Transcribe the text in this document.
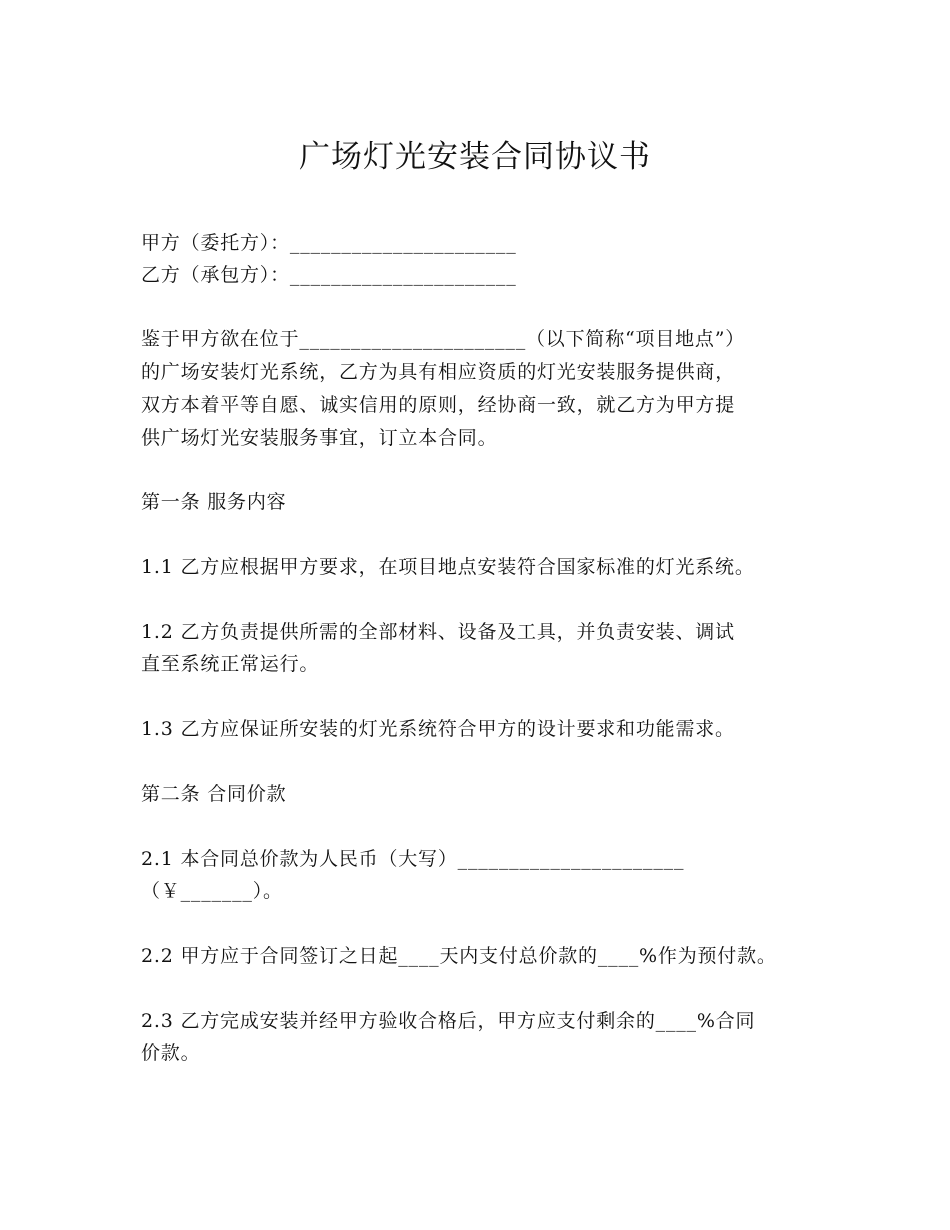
广场灯光安装合同协议书

甲方（委托方）：______________________

乙方（承包方）：______________________

鉴于甲方欲在位于______________________（以下简称“项目地点”）

的广场安装灯光系统，乙方为具有相应资质的灯光安装服务提供商，

双方本着平等自愿、诚实信用的原则，经协商一致，就乙方为甲方提

供广场灯光安装服务事宜，订立本合同。

第一条 服务内容

1.1 乙方应根据甲方要求，在项目地点安装符合国家标准的灯光系统。

1.2 乙方负责提供所需的全部材料、设备及工具，并负责安装、调试

直至系统正常运行。

1.3 乙方应保证所安装的灯光系统符合甲方的设计要求和功能需求。

第二条 合同价款

2.1 本合同总价款为人民币（大写）______________________

（￥_______）。

2.2 甲方应于合同签订之日起____天内支付总价款的____%作为预付款。

2.3 乙方完成安装并经甲方验收合格后，甲方应支付剩余的____%合同

价款。
